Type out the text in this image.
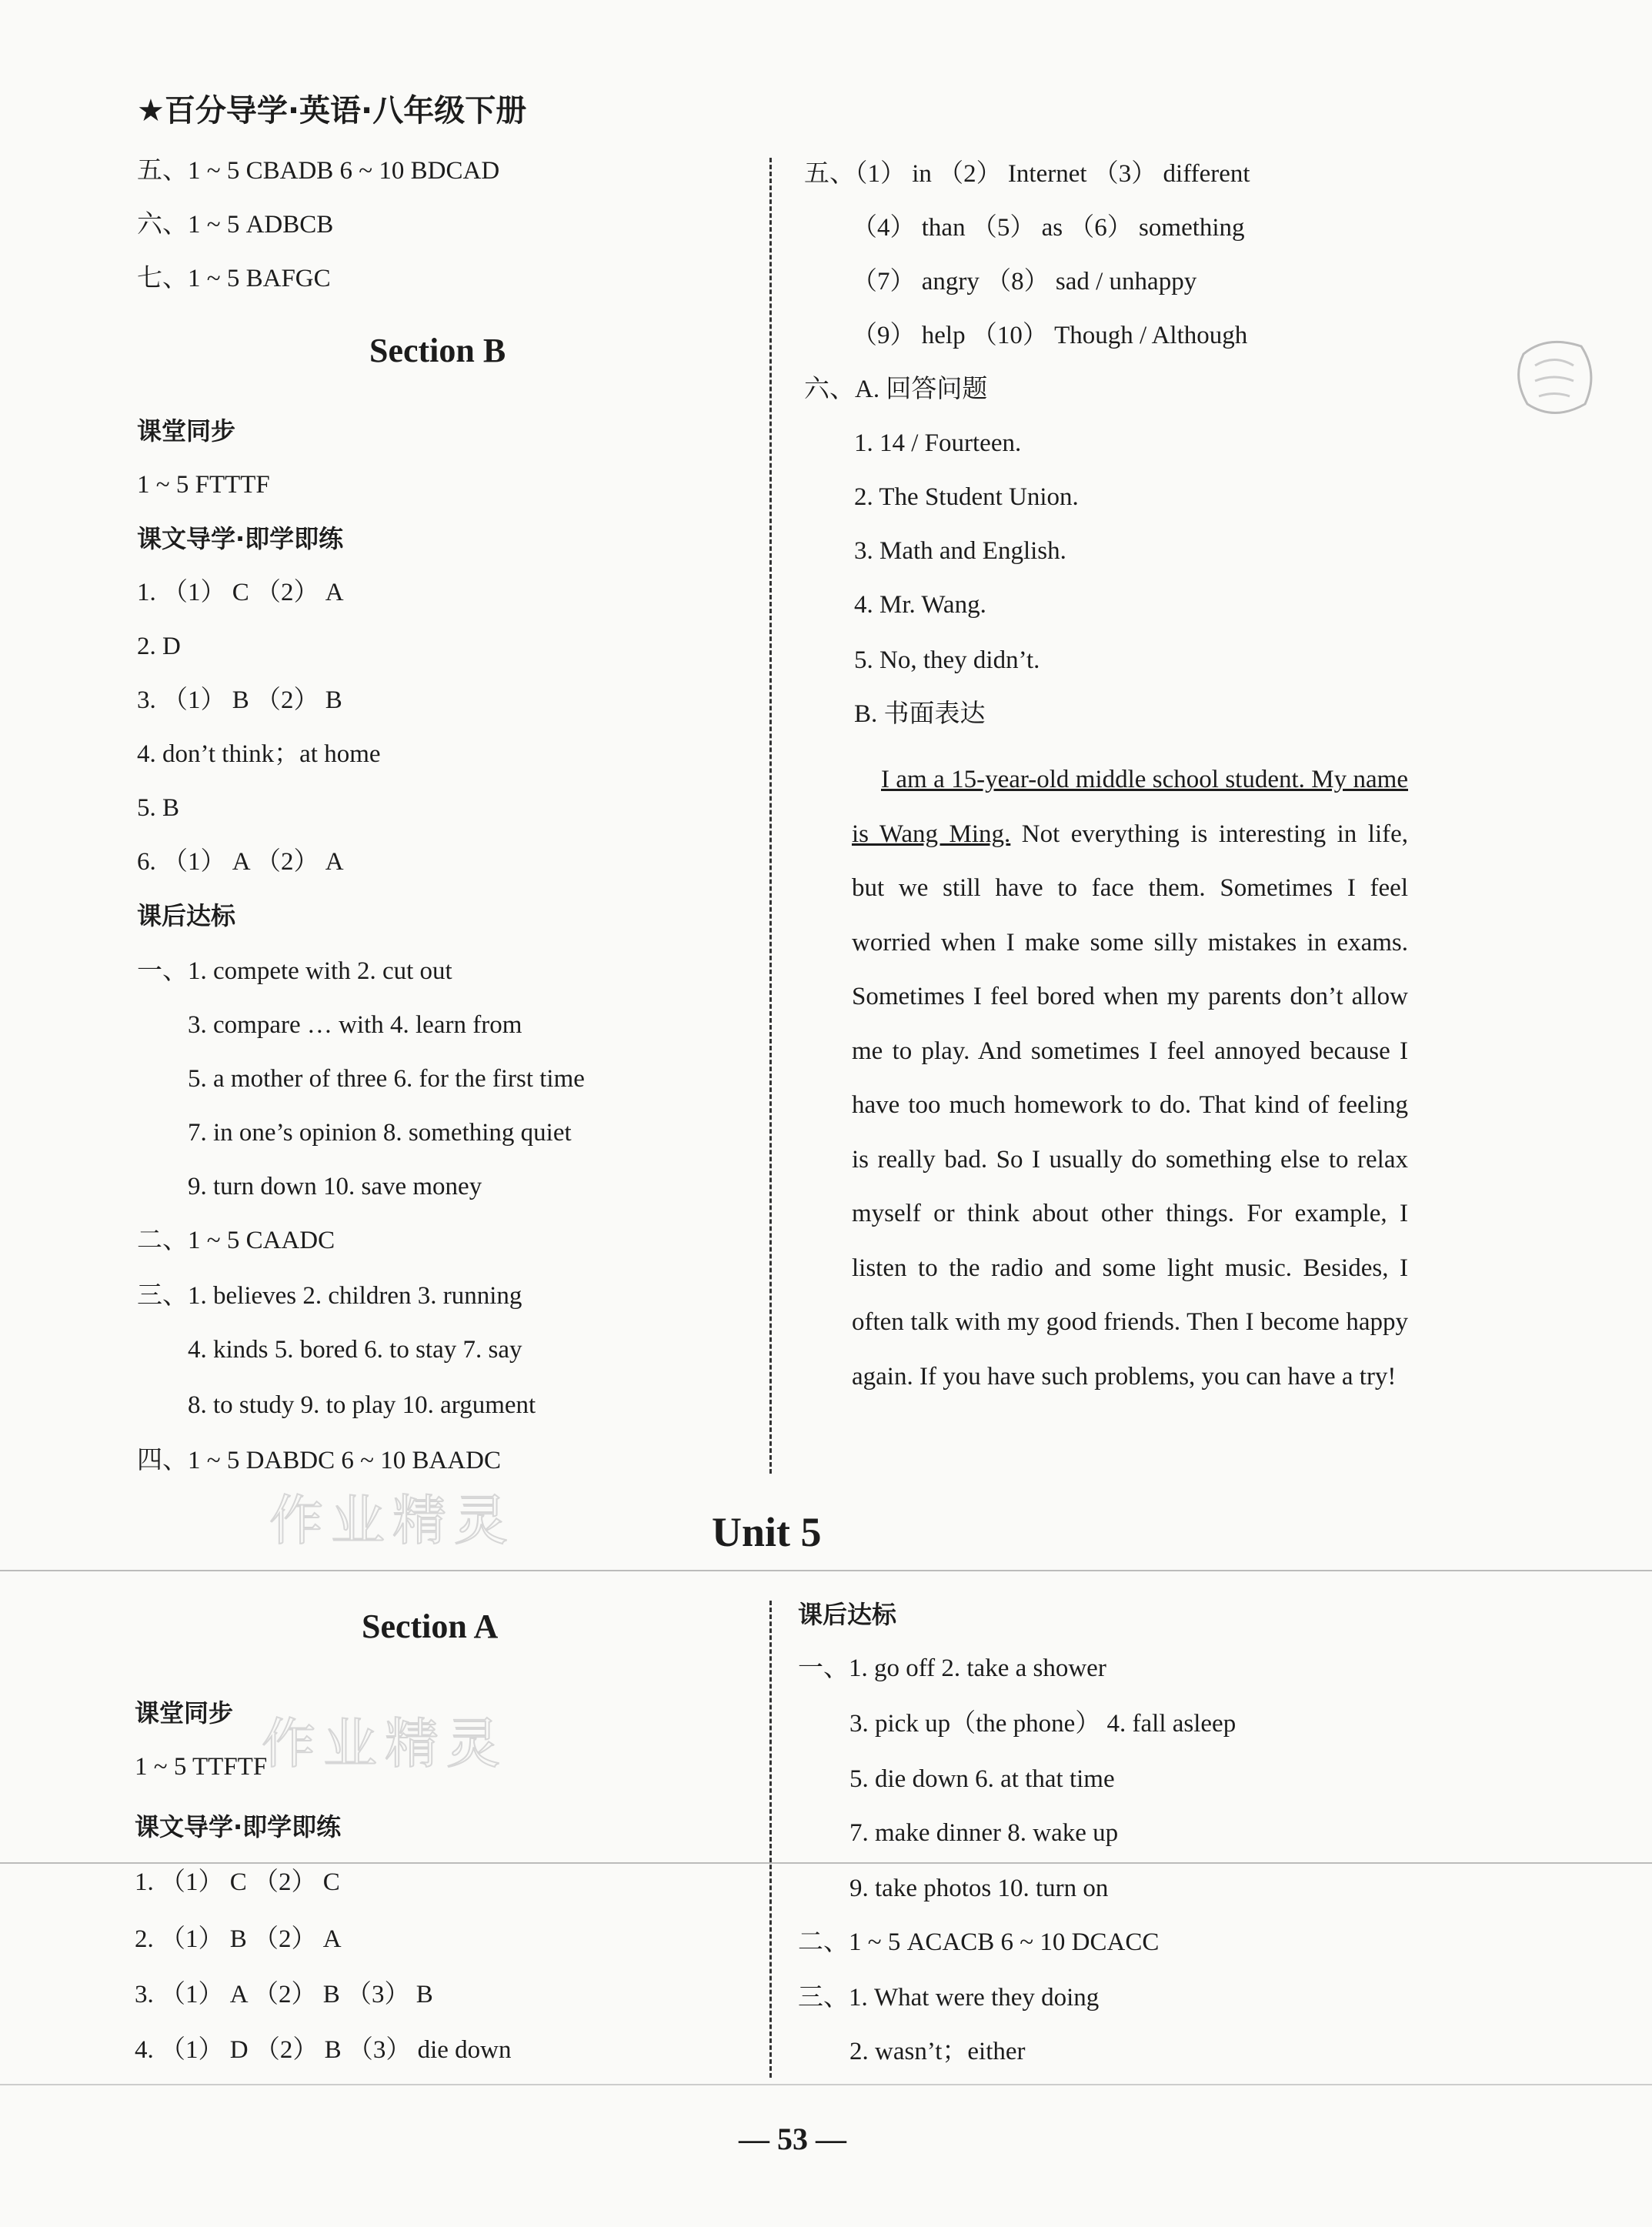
★百分导学·英语·八年级下册
五、1 ~ 5 CBADB 6 ~ 10 BDCAD
六、1 ~ 5 ADBCB
七、1 ~ 5 BAFGC
Section B
课堂同步
1 ~ 5 FTTTF
课文导学·即学即练
1. （1） C （2） A
2. D
3. （1） B （2） B
4. don’t think；at home
5. B
6. （1） A （2） A
课后达标
一、1. compete with 2. cut out
3. compare … with 4. learn from
5. a mother of three 6. for the first time
7. in one’s opinion 8. something quiet
9. turn down 10. save money
二、1 ~ 5 CAADC
三、1. believes 2. children 3. running
4. kinds 5. bored 6. to stay 7. say
8. to study 9. to play 10. argument
四、1 ~ 5 DABDC 6 ~ 10 BAADC
作业精灵
五、（1） in （2） Internet （3） different
（4） than （5） as （6） something
（7） angry （8） sad / unhappy
（9） help （10） Though / Although
六、A. 回答问题
1. 14 / Fourteen.
2. The Student Union.
3. Math and English.
4. Mr. Wang.
5. No, they didn’t.
B. 书面表达
I am a 15-year-old middle school student. My name is Wang Ming. Not everything is interesting in life, but we still have to face them. Sometimes I feel worried when I make some silly mistakes in exams. Sometimes I feel bored when my parents don’t allow me to play. And sometimes I feel annoyed because I have too much homework to do. That kind of feeling is really bad. So I usually do something else to relax myself or think about other things. For example, I listen to the radio and some light music. Besides, I often talk with my good friends. Then I become happy again. If you have such problems, you can have a try!
Unit 5
Section A
课堂同步
1 ~ 5 TTFTF
课文导学·即学即练
1. （1） C （2） C
2. （1） B （2） A
3. （1） A （2） B （3） B
4. （1） D （2） B （3） die down
作业精灵
课后达标
一、1. go off 2. take a shower
3. pick up（the phone） 4. fall asleep
5. die down 6. at that time
7. make dinner 8. wake up
9. take photos 10. turn on
二、1 ~ 5 ACACB 6 ~ 10 DCACC
三、1. What were they doing
2. wasn’t；either
— 53 —
